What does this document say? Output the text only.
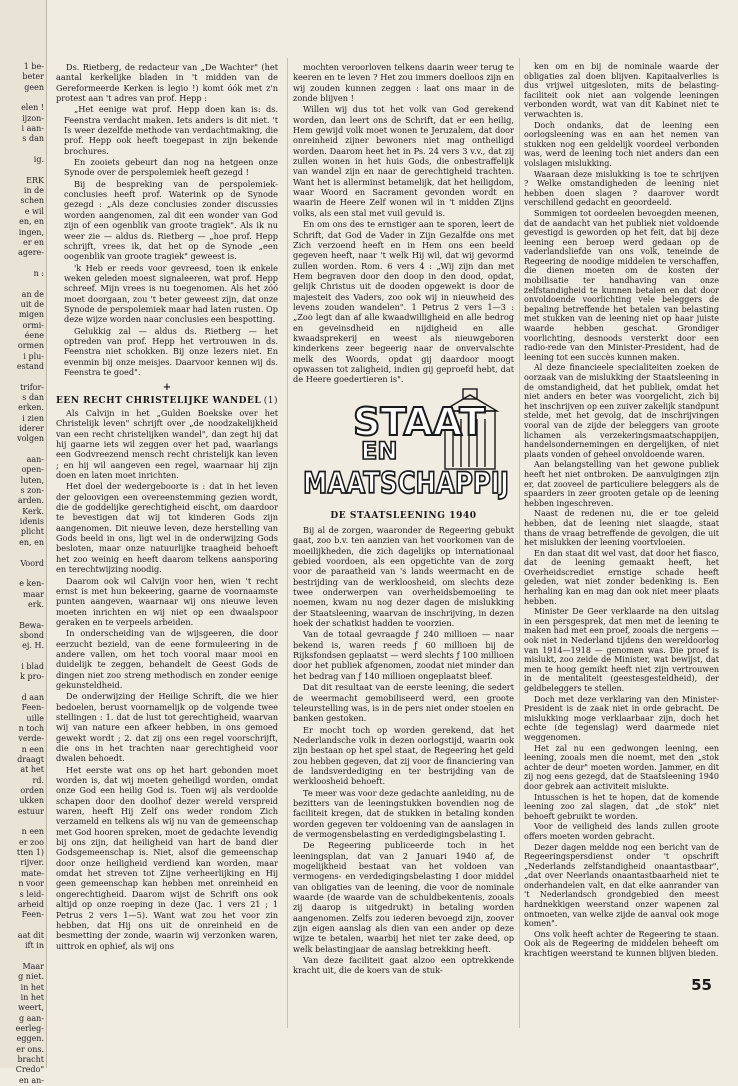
1 be-
beter
geen

elen !
ijzon-
i aan-
s dan

ig.

ERK
in de
schen
e wil
en, en
ingen,
er en
agere-

n :

an de
uit de
migen
ormi-
éene
ormen
i plu-
estand

trifor-
s dan
erken.
i zien
iderer
volgen

aan-
open-
luten,
s zon-
arden.
Kerk.
idenis
plicht
en, en

Voord

e ken-
maar
erk.

Bewa-
sbond
ej. H.

i blad
k pro-

d aan
Feen-
uille
n toch
verde-
n een
draagt
at het
rd.
orden
ukken
estuur

n een
er zoo
tten 1)
rijver.
mate-
n voor
s leid-
arheid
Feen-

aat dit
ift in

Maar
g niet.
in het
in het
weert,
g aan-
eerleg-
eggen.
er ons.
bracht
Credo"
en an-

Ds. Rietberg, de redacteur van „De Wachter" (het aantal kerkelijke bladen in 't midden van de Gereformeerde Kerken is legio !) komt óók met z'n protest aan 't adres van prof. Hepp :

„Het eenige wat prof. Hepp doen kan is: ds. Feenstra verdacht maken. Iets anders is dit niet. 't Is weer dezelfde methode van verdachtmaking, die prof. Hepp ook heeft toegepast in zijn bekende brochures.

En zooiets gebeurt dan nog na hetgeen onze Synode over de perspolemiek heeft gezegd !

Bij de bespreking van de perspolemiek-conclusies heeft prof. Waterink op de Synode gezegd : „Als deze conclusies zonder discussies worden aangenomen, zal dit een wonder van God zijn of een ogenblik van groote tragiek". Als ik nu weer zie — aldus ds. Rietberg — „hoe prof. Hepp schrijft, vrees ik, dat het op de Synode „een oogenblik van groote tragiek" geweest is.

'k Heb er reeds voor gevreesd, toen ik enkele weken geleden moest signaleeren, wat prof. Hepp schreef. Mijn vrees is nu toegenomen. Als het zóó moet doorgaan, zou 't beter geweest zijn, dat onze Synode de perspolemiek maar had laten rusten. Op deze wijze worden naar conclusies een bespotting.

Gelukkig zal — aldus ds. Rietberg — het optreden van prof. Hepp het vertrouwen in ds. Feenstra niet schokken. Bij onze lezers niet. En evenmin bij onze meisjes. Daarvoor kennen wij ds. Feenstra te goed".

+
(1)
EEN RECHT CHRISTELIJKE WANDEL

Als Calvijn in het „Gulden Boekske over het Christelijk leven" schrijft over „de noodzakelijkheid van een recht christelijken wandel", dan zegt hij dat hij gaarne iets wil zeggen over het pad, waarlangs een Godvreezend mensch recht christelijk kan leven ; en hij wil aangeven een regel, waarnaar hij zijn doen en laten moet inrichten.

Het doel der wedergeboorte is : dat in het leven der geloovigen een overeenstemming gezien wordt, die de goddelijke gerechtigheid eischt, om daardoor te bevestigen dat wij tot kinderen Gods zijn aangenomen. Dit nieuwe leven, deze herstelling van Gods beeld in ons, ligt wel in de onderwijzing Gods besloten, maar onze natuurlijke traagheid behoeft het zoo weinig en heeft daarom telkens aansporing en terechtwijzing noodig.

Daarom ook wil Calvijn voor hen, wien 't recht ernst is met hun bekeering, gaarne de voornaamste punten aangeven, waarnaar wij ons nieuwe leven moeten inrichten en wij niet op een dwaalspoor geraken en te verpeels arbeiden.

In onderscheiding van de wijsgeeren, die door eerzucht bezield, van de eene formuleering in de andere vallen, om het toch vooral maar mooi en duidelijk te zeggen, behandelt de Geest Gods de dingen niet zoo streng methodisch en zonder eenige gekunsteldheid.

De onderwijzing der Heilige Schrift, die we hier bedoelen, berust voornamelijk op de volgende twee stellingen : 1. dat de lust tot gerechtigheid, waarvan wij van nature een afkeer hebben, in ons gemoed gewekt wordt ; 2. dat zij ons een regel voorschrijft, die ons in het trachten naar gerechtigheid voor dwalen behoedt.

Het eerste wat ons op het hart gebonden moet worden is, dat wij moeten geheiligd worden, omdat onze God een heilig God is. Toen wij als verdoolde schapen door den doolhof dezer wereld verspreid waren, heeft Hij Zelf ons weder rondom Zich verzameld en telkens als wij nu van de gemeenschap met God hooren spreken, moet de gedachte levendig bij ons zijn, dat heiligheid van hart de band dier Godsgemeenschap is. Niet, alsof die gemeenschap door onze heiligheid verdiend kan worden, maar omdat het streven tot Zijne verheerlijking en Hij geen gemeenschap kan hebben met onreinheid en ongerechtigheid. Daarom wijst de Schrift ons ook altijd op onze roeping in deze (Jac. 1 vers 21 ; 1 Petrus 2 vers 1—5). Want wat zou het voor zin hebben, dat Hij ons uit de onreinheid en de besmetting der zonde, waarin wij verzonken waren, uittrok en ophief, als wij ons

mochten veroorloven telkens daarin weer terug te keeren en te leven ? Het zou immers doelloos zijn en wij zouden kunnen zeggen : laat ons maar in de zonde blijven !

Willen wij dus tot het volk van God gerekend worden, dan leert ons de Schrift, dat er een heilig, Hem gewijd volk moet wonen te Jeruzalem, dat door onreinheid zijner bewoners niet mag ontheiligd worden. Daarom heet het in Ps. 24 vers 3 v.v., dat zij zullen wonen in het huis Gods, die onbestraffelijk van wandel zijn en naar de gerechtigheid trachten. Want het is allerminst betamelijk, dat het heiligdom, waar Woord en Sacrament gevonden wordt en waarin de Heere Zelf wonen wil in 't midden Zijns volks, als een stal met vuil gevuld is.

En om ons des te ernstiger aan te sporen, leert de Schrift, dat God de Vader in Zijn Gezalfde ons met Zich verzoend heeft en in Hem ons een beeld gegeven heeft, naar 't welk Hij wil, dat wij gevormd zullen worden. Rom. 6 vers 4 : „Wij zijn dan met Hem begraven door den doop in den dood, opdat, gelijk Christus uit de dooden opgewekt is door de majesteit des Vaders, zoo ook wij in nieuwheid des levens zouden wandelen". 1 Petrus 2 vers 1—3 : „Zoo legt dan af alle kwaadwilligheid en alle bedrog en geveinsdheid en nijdigheid en alle kwaadsprekerij en weest als nieuwgeboren kinderkens zeer begeerig naar de onvervalschte melk des Woords, opdat gij daardoor moogt opwassen tot zaligheid, indien gij geproefd hebt, dat de Heere goedertieren is".

STAAT
EN
MAATSCHAPPIJ
DE STAATSLEENING 1940

Bij al de zorgen, waaronder de Regeering gebukt gaat, zoo b.v. ten aanzien van het voorkomen van de moeilijkheden, die zich dagelijks op internationaal gebied voordoen, als een opgetichte van de zorg voor de paraatheid van 's lands weermacht en de bestrijding van de werkloosheid, om slechts deze twee onderwerpen van overheidsbemoeiing te noemen, kwam nu nog dezer dagen de mislukking der Staatsleening, waarvan de inschrijving, in dezen hoek der schatkist hadden te voorzien.

Van de totaal gevraagde ƒ 240 millioen — naar bekend is, waren reeds ƒ 60 millioen bij de Rijksfondsen geplaatst — werd slechts ƒ 100 millioen door het publiek afgenomen, zoodat niet minder dan het bedrag van ƒ 140 millioen ongeplaatst bleef.

Dat dit resultaat van de eerste leening, die sedert de weermacht gemobiliseerd werd, een groote teleurstelling was, is in de pers niet onder stoelen en banken gestoken.

Er mocht toch op worden gerekend, dat het Nederlandsche volk in dezen oorlogstijd, waarin ook zijn bestaan op het spel staat, de Regeering het geld zou hebben gegeven, dat zij voor de financiering van de landsverdediging en ter bestrijding van de werkloosheid behoeft.

Te meer was voor deze gedachte aanleiding, nu de bezitters van de leeningstukken bovendien nog de faciliteit kregen, dat de stukken in betaling konden worden gegeven ter voldoening van de aanslagen in de vermogensbelasting en verdedigingsbelasting I.

De Regeering publiceerde toch in het leeningsplan, dat van 2 Januari 1940 af, de mogelijkheid bestaat van het voldoen van vermogens- en verdedigingsbelasting I door middel van obligaties van de leening, die voor de nominale waarde (de waarde van de schuldbekentenis, zooals zij daarop is uitgedrukt) in betaling worden aangenomen. Zelfs zou iederen bevoegd zijn, zoover zijn eigen aanslag als dien van een ander op deze wijze te betalen, waarbij het niet ter zake deed, op welk belastingjaar de aanslag betrekking heeft.

Van deze faciliteit gaat alzoo een optrekkende kracht uit, die de koers van de stuk-

ken om en bij de nominale waarde der obligaties zal doen blijven. Kapitaalverlies is dus vrijwel uitgesloten, mits de belasting-faciliteit ook niet aan volgende leeningen verbonden wordt, wat van dit Kabinet niet te verwachten is.

Doch ondanks, dat de leening een oorlogsleening was en aan het nemen van stukken nog een geldelijk voordeel verbonden was, werd de leening toch niet anders dan een volslagen mislukking.

Waaraan deze mislukking is toe te schrijven ? Welke omstandigheden de leening niet hebben doen slagen ? daarover wordt verschillend gedacht en geoordeeld.

Sommigen tot oordeelen bevoegden meenen, dat de aandacht van het publiek niet voldoende gevestigd is geworden op het feit, dat bij deze leening een beroep werd gedaan op de vaderlandsliefde van ons volk, teneinde de Regeering de noodige middelen te verschaffen, die dienen moeten om de kosten der mobilisatie ter handhaving van onze zelfstandigheid te kunnen betalen en dat door onvoldoende voorlichting vele beleggers de bepaling betreffende het betalen van belasting met stukken van de leening niet op haar juiste waarde hebben geschat. Grondiger voorlichting, desnoods versterkt door een radio-rede van den Minister-President, had de leening tot een succès kunnen maken.

Al deze financieele specialiteiten zoeken de oorzaak van de mislukking der Staatsleening in de omstandigheid, dat het publiek, omdat het niet anders en beter was voorgelicht, zich bij het inschrijven op een zuiver zakelijk standpunt stelde, met het gevolg, dat de inschrijvingen vooral van de zijde der beleggers van groote lichamen als verzekeringsmaatschappijen, handelsondernemingen en dergelijken, of niet plaats vonden of geheel onvoldoende waren.

Aan belangstelling van het gewone publiek heeft het niet ontbroken. De aanvulgingen zijn er, dat zooveel de particuliere beleggers als de spaarders in zeer grooten getale op de leening hebben ingeschreven.

Naast de redenen nu, die er toe geleid hebben, dat de leening niet slaagde, staat thans de vraag betreffende de gevolgen, die uit het mislukken der leening voortvloeien.

En dan staat dit wel vast, dat door het fiasco, dat de leening gemaakt heeft, het Overheidscrediet ernstige schade heeft geleden, wat niet zonder bedenking is. Een herhaling kan en mag dan ook niet meer plaats hebben.

Minister De Geer verklaarde na den uitslag in een persgesprek, dat men met de leening te maken had met een proef, zooals die nergens — ook niet in Nederland tijdens den wereldoorlog van 1914—1918 — genomen was. Die proef is mislukt, zoo zeide de Minister, wat bewijst, dat men te hoog gemikt heeft niet zijn vertrouwen in de mentaliteit (geestesgesteldheid), der geldbeleggers te stellen.

Doch met deze verklaring van den Minister-President is de zaak niet in orde gebracht. De mislukking moge verklaarbaar zijn, doch het echte (de tegenslag) werd daarmede niet weggenomen.

Het zal nu een gedwongen leening, een leening, zooals men die noemt, met den „stok achter de deur" moeten worden. Jammer, en dit zij nog eens gezegd, dat de Staatsleening 1940 door gebrek aan activiteit mislukte.

Intusschen is het te hopen, dat de komende leening zoo zal slagen, dat „de stok" niet behoeft gebruikt te worden.

Voor de veiligheid des lands zullen groote offers moeten worden gebracht.

Dezer dagen meldde nog een bericht van de Regeeringspersdienst onder 't opschrift „Nederlands zelfstandigheid onaantastbaar", „dat over Neerlands onaantastbaarheid niet te onderhandelen valt, en dat elke aanrander van 't Nederlandsch grondgebied den meest hardnekkigen weerstand onzer wapenen zal ontmoeten, van welke zijde de aanval ook moge komen".

Ons volk heeft achter de Regeering te staan. Ook als de Regeering de middelen beheeft om krachtigen weerstand te kunnen blijven bieden.

55
